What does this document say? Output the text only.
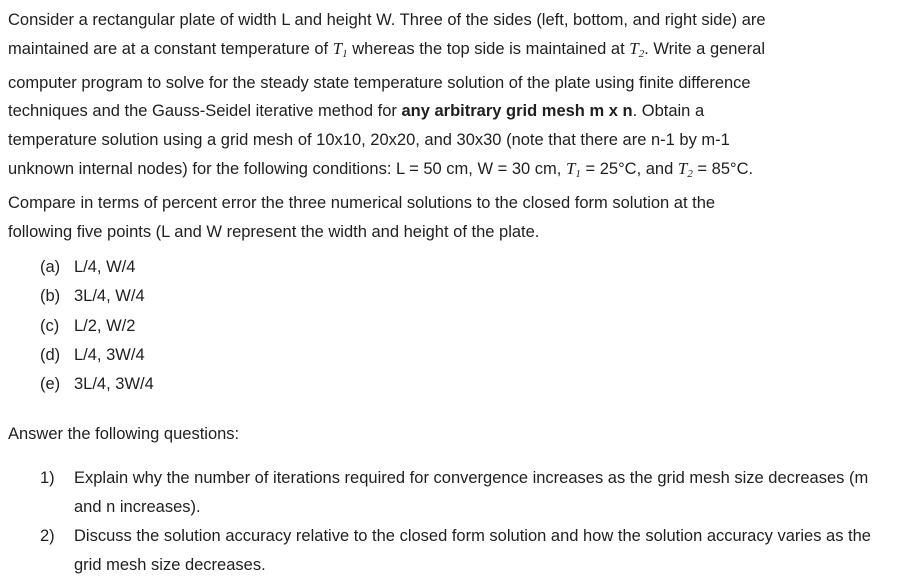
Consider a rectangular plate of width L and height W. Three of the sides (left, bottom, and right side) are
maintained are at a constant temperature of $T_1$ whereas the top side is maintained at $T_2$. Write a general
computer program to solve for the steady state temperature solution of the plate using finite difference
techniques and the Gauss-Seidel iterative method for any arbitrary grid mesh m x n. Obtain a
temperature solution using a grid mesh of 10x10, 20x20, and 30x30 (note that there are n-1 by m-1
unknown internal nodes) for the following conditions: L = 50 cm, W = 30 cm, $T_1 = 25^\circ C$, and $T_2 = 85^\circ C$.
Compare in terms of percent error the three numerical solutions to the closed form solution at the
following five points (L and W represent the width and height of the plate.

(a) L/4, W/4
(b) 3L/4, W/4
(c) L/2, W/2
(d) L/4, 3W/4
(e) 3L/4, 3W/4

Answer the following questions:

1)	Explain why the number of iterations required for convergence increases as the grid mesh size decreases (m and n increases).
2)	Discuss the solution accuracy relative to the closed form solution and how the solution accuracy varies as the grid mesh size decreases.
